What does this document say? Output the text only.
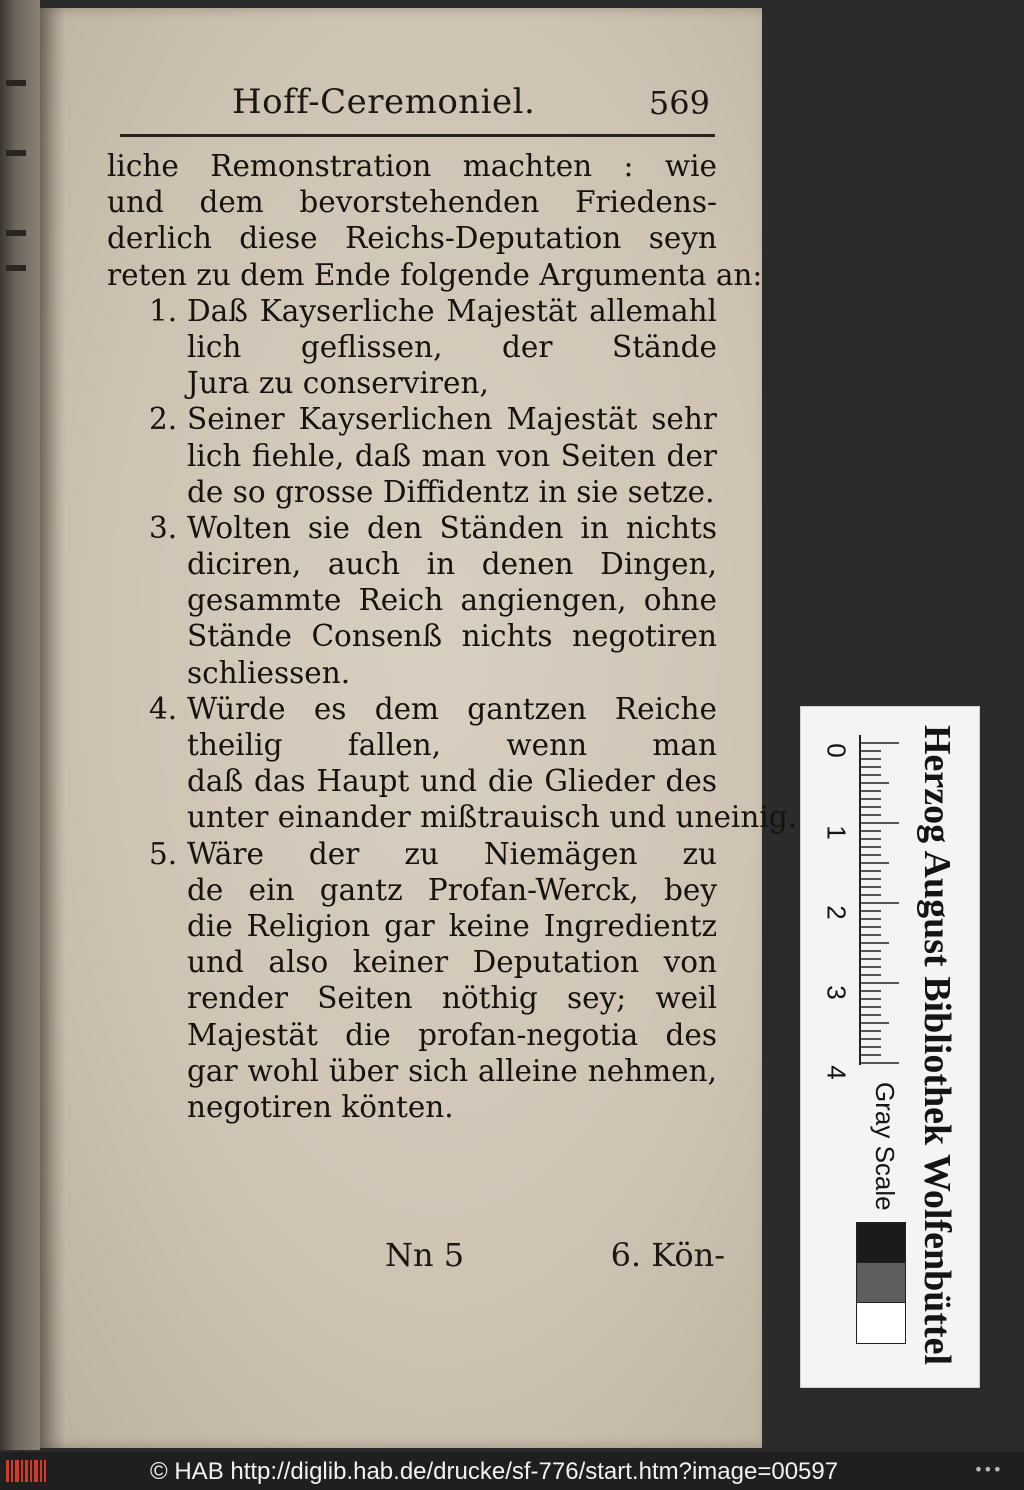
Hoff-Ceremoniel.	569
liche Remonstration machten : wie
und dem bevorstehenden Friedens-
derlich diese Reichs-Deputation seyn
reten zu dem Ende folgende Argumenta an:
1. Daß Kayserliche Majestät allemahl
lich geflissen, der Stände
Jura zu conserviren,
2. Seiner Kayserlichen Majestät sehr
lich fiehle, daß man von Seiten der
de so grosse Diffidentz in sie setze.
3. Wolten sie den Ständen in nichts
diciren, auch in denen Dingen,
gesammte Reich angiengen, ohne
Stände Consenß nichts negotiren
schliessen.
4. Würde es dem gantzen Reiche
theilig fallen, wenn man
daß das Haupt und die Glieder des
unter einander mißtrauisch und uneinig.
5. Wäre der zu Niemägen zu
de ein gantz Profan-Werck, bey
die Religion gar keine Ingredientz
und also keiner Deputation von
render Seiten nöthig sey; weil
Majestät die profan-negotia des
gar wohl über sich alleine nehmen,
negotiren könten.
Nn 5	6. Kön-	Herzog August Bibliothek Wolfenbüttel
0
1
2
3
4
Gray Scale
© HAB http://diglib.hab.de/drucke/sf-776/start.htm?image=00597	•••
